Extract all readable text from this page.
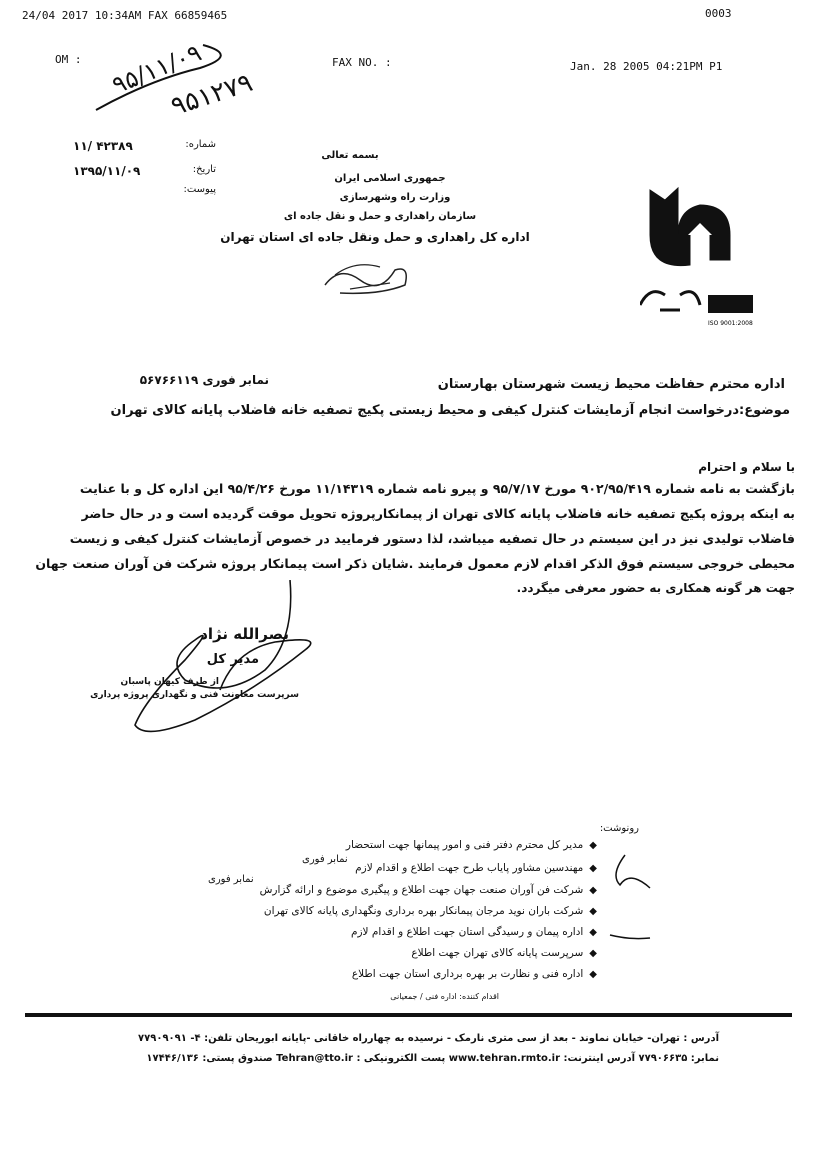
24/04 2017 10:34AM FAX 66859465	0003
OM :	FAX NO. :	Jan. 28 2005 04:21PM P1
۹۵/۱۱/۰۹
۹۵۱۲۷۹
۱۱/ ۴۲۳۸۹	شماره:
۱۳۹۵/۱۱/۰۹	تاریخ:
پیوست:
بسمه تعالی
جمهوری اسلامی ایران
وزارت راه وشهرسازی
سازمان راهداری و حمل و نقل جاده ای
اداره کل راهداری و حمل ونقل جاده ای استان تهران
ISO 9001:2008
اداره محترم حفاظت محیط زیست شهرستان بهارستان
نمابر فوری ۵۶۷۶۶۱۱۹
موضوع:درخواست انجام آزمایشات کنترل کیفی و محیط زیستی پکیج تصفیه خانه فاضلاب پایانه کالای تهران
با سلام و احترام
بازگشت به نامه شماره ۹۰۲/۹۵/۴۱۹ مورخ ۹۵/۷/۱۷ و پیرو نامه شماره ۱۱/۱۴۳۱۹ مورخ ۹۵/۴/۲۶ این اداره کل و با عنایت
به اینکه پروژه پکیج تصفیه خانه فاضلاب پایانه کالای تهران از پیمانکارپروژه تحویل موقت گردیده است و در حال حاضر
فاضلاب تولیدی نیز در این سیستم در حال تصفیه میباشد، لذا دستور فرمایید در خصوص آزمایشات کنترل کیفی و زیست
محیطی خروجی سیستم فوق الذکر اقدام لازم معمول فرمایند .شایان ذکر است پیمانکار پروژه شرکت فن آوران صنعت جهان
جهت هر گونه همکاری به حضور معرفی میگردد.
نصرالله نژاد
مدیر کل
از طرف کیهان پاسبان
سرپرست معاونت فنی و نگهداری پروژه پرداری
رونوشت:
◆مدیر کل محترم دفتر فنی و امور پیمانها جهت استحضار
◆مهندسین مشاور پایاب طرح جهت اطلاع و اقدام لازم
نمابر فوری
◆شرکت فن آوران صنعت جهان جهت اطلاع و پیگیری موضوع و ارائه گزارش
نمابر فوری
◆شرکت باران نوید مرجان پیمانکار بهره برداری ونگهداری پایانه کالای تهران
◆اداره پیمان و رسیدگی استان جهت اطلاع و اقدام لازم
◆سرپرست پایانه کالای تهران جهت اطلاع
◆اداره فنی و نظارت بر بهره برداری استان جهت اطلاع
اقدام کننده: اداره فنی / جمعیانی
آدرس : تهران- خیابان نماوند - بعد از سی متری نارمک - نرسیده به چهارراه خاقانی -پایانه ابوریحان تلفن: ۴- ۷۷۹۰۹۰۹۱
نمابر: ۷۷۹۰۶۶۳۵ آدرس اینترنت: www.tehran.rmto.ir پست الکترونیکی : Tehran@tto.ir صندوق پستی: ۱۷۴۴۶/۱۳۶
